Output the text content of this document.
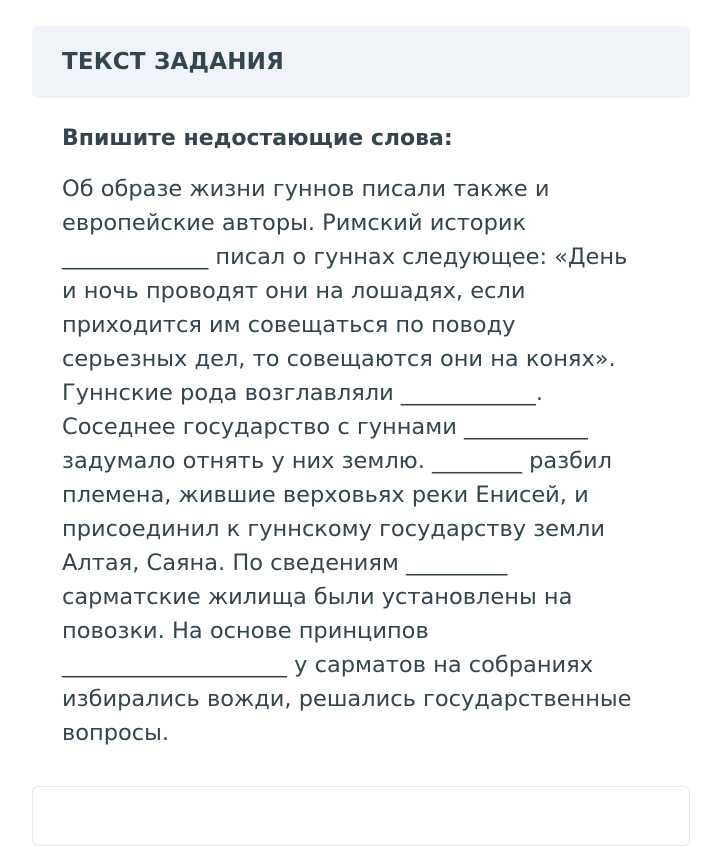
ТЕКСТ ЗАДАНИЯ

Впишите недостающие слова:

Об образе жизни гуннов писали также и
европейские авторы. Римский историк
_____________ писал о гуннах следующее: «День
и ночь проводят они на лошадях, если
приходится им совещаться по поводу
серьезных дел, то совещаются они на конях».
Гуннские рода возглавляли ____________.
Соседнее государство с гуннами ___________
задумало отнять у них землю. ________ разбил
племена, жившие верховьях реки Енисей, и
присоединил к гуннскому государству земли
Алтая, Саяна. По сведениям _________
сарматские жилища были установлены на
повозки. На основе принципов
____________________ у сарматов на собраниях
избирались вожди, решались государственные
вопросы.
